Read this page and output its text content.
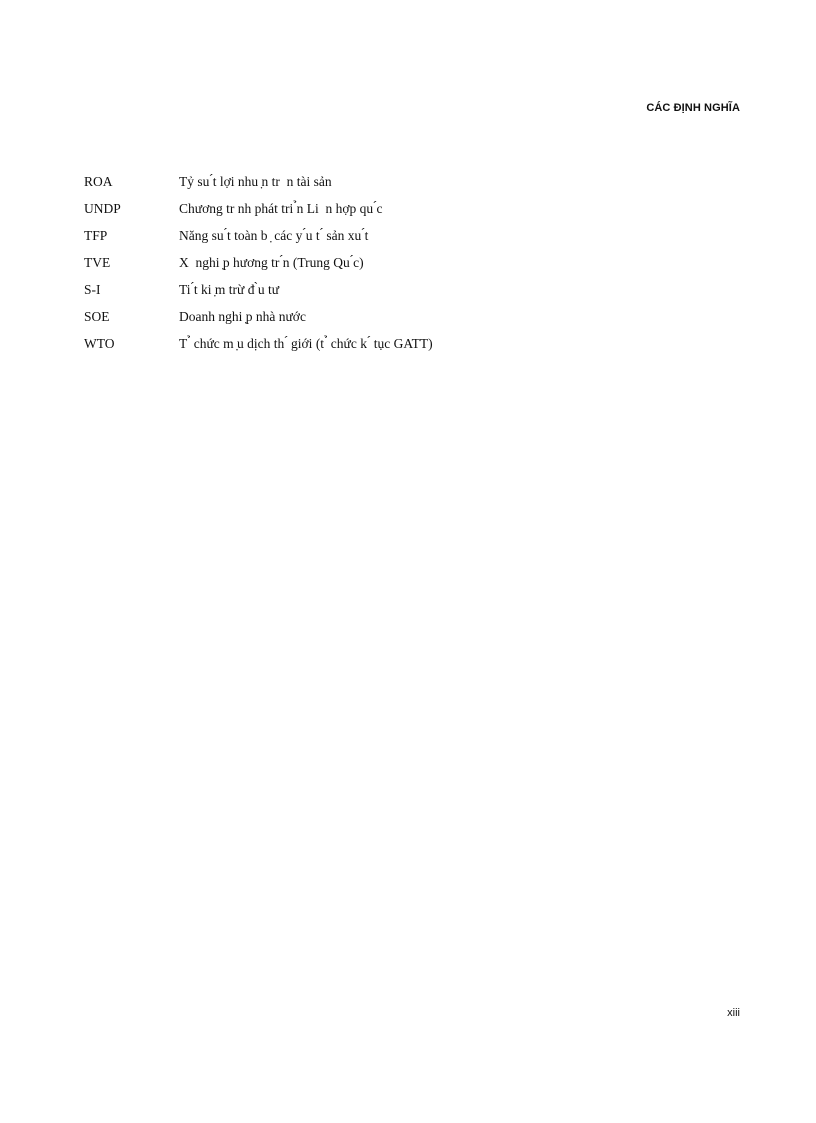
CÁC ĐỊNH NGHĨA
ROA	Tỷ su ́t lợi nhu ̣n tr  n tài sản
UNDP	Chương tr nh phát tri ̉n Li  n hợp qu ́c
TFP	Năng su ́t toàn b ̣ các y ́u t ́ sản xu ́t
TVE	X  nghi ̣p hương tr ́n (Trung Qu ́c)
S-I	Ti ́t ki ̣m trừ đ ̀u tư
SOE	Doanh nghi ̣p nhà nước
WTO	T ̉ chức m ̣u dịch th ́ giới (t ̉ chức k ́ tục GATT)
xiii
